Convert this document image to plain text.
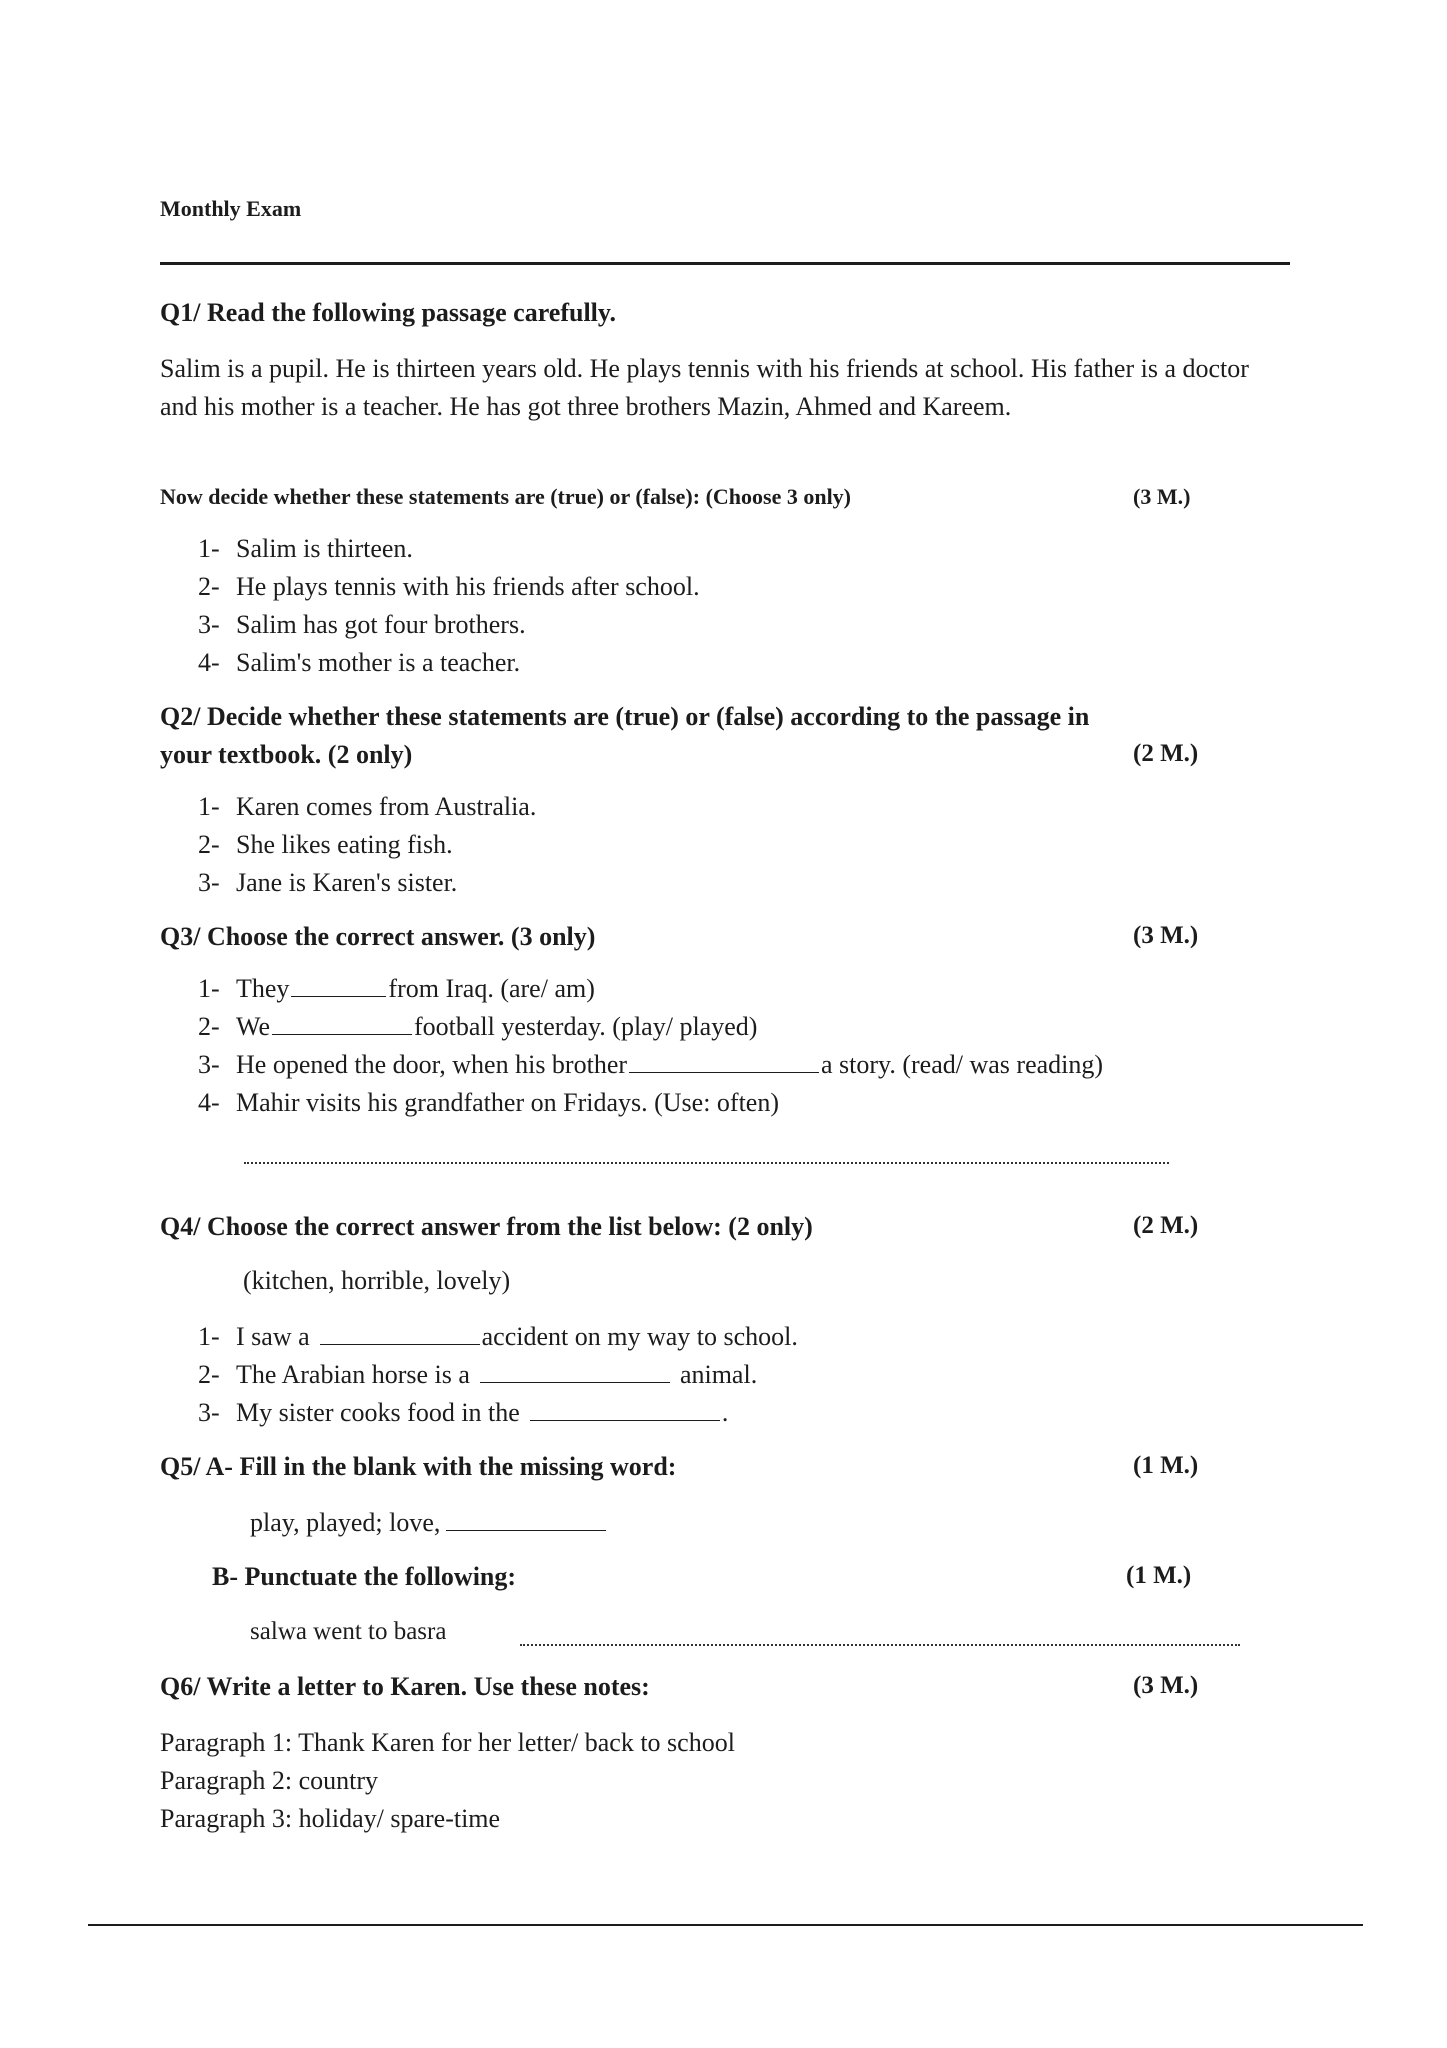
Monthly Exam
Q1/ Read the following passage carefully.
Salim is a pupil. He is thirteen years old. He plays tennis with his friends at school. His father is a doctor and his mother is a teacher. He has got three brothers Mazin, Ahmed and Kareem.
Now decide whether these statements are (true) or (false): (Choose 3 only)	(3 M.)
1- Salim is thirteen.
2- He plays tennis with his friends after school.
3- Salim has got four brothers.
4- Salim's mother is a teacher.
Q2/ Decide whether these statements are (true) or (false) according to the passage in
your textbook. (2 only)	(2 M.)
1- Karen comes from Australia.
2- She likes eating fish.
3- Jane is Karen's sister.
Q3/ Choose the correct answer. (3 only)	(3 M.)
1- They	from Iraq. (are/ am)
2- We	football yesterday. (play/ played)
3- He opened the door, when his brother	a story. (read/ was reading)
4- Mahir visits his grandfather on Fridays. (Use: often)
Q4/ Choose the correct answer from the list below: (2 only)	(2 M.)
(kitchen, horrible, lovely)
1- I saw a	accident on my way to school.
2- The Arabian horse is a	animal.
3- My sister cooks food in the	.
Q5/ A- Fill in the blank with the missing word:	(1 M.)
play, played; love,
B- Punctuate the following:	(1 M.)
salwa went to basra
Q6/ Write a letter to Karen. Use these notes:	(3 M.)
Paragraph 1: Thank Karen for her letter/ back to school
Paragraph 2: country
Paragraph 3: holiday/ spare-time
